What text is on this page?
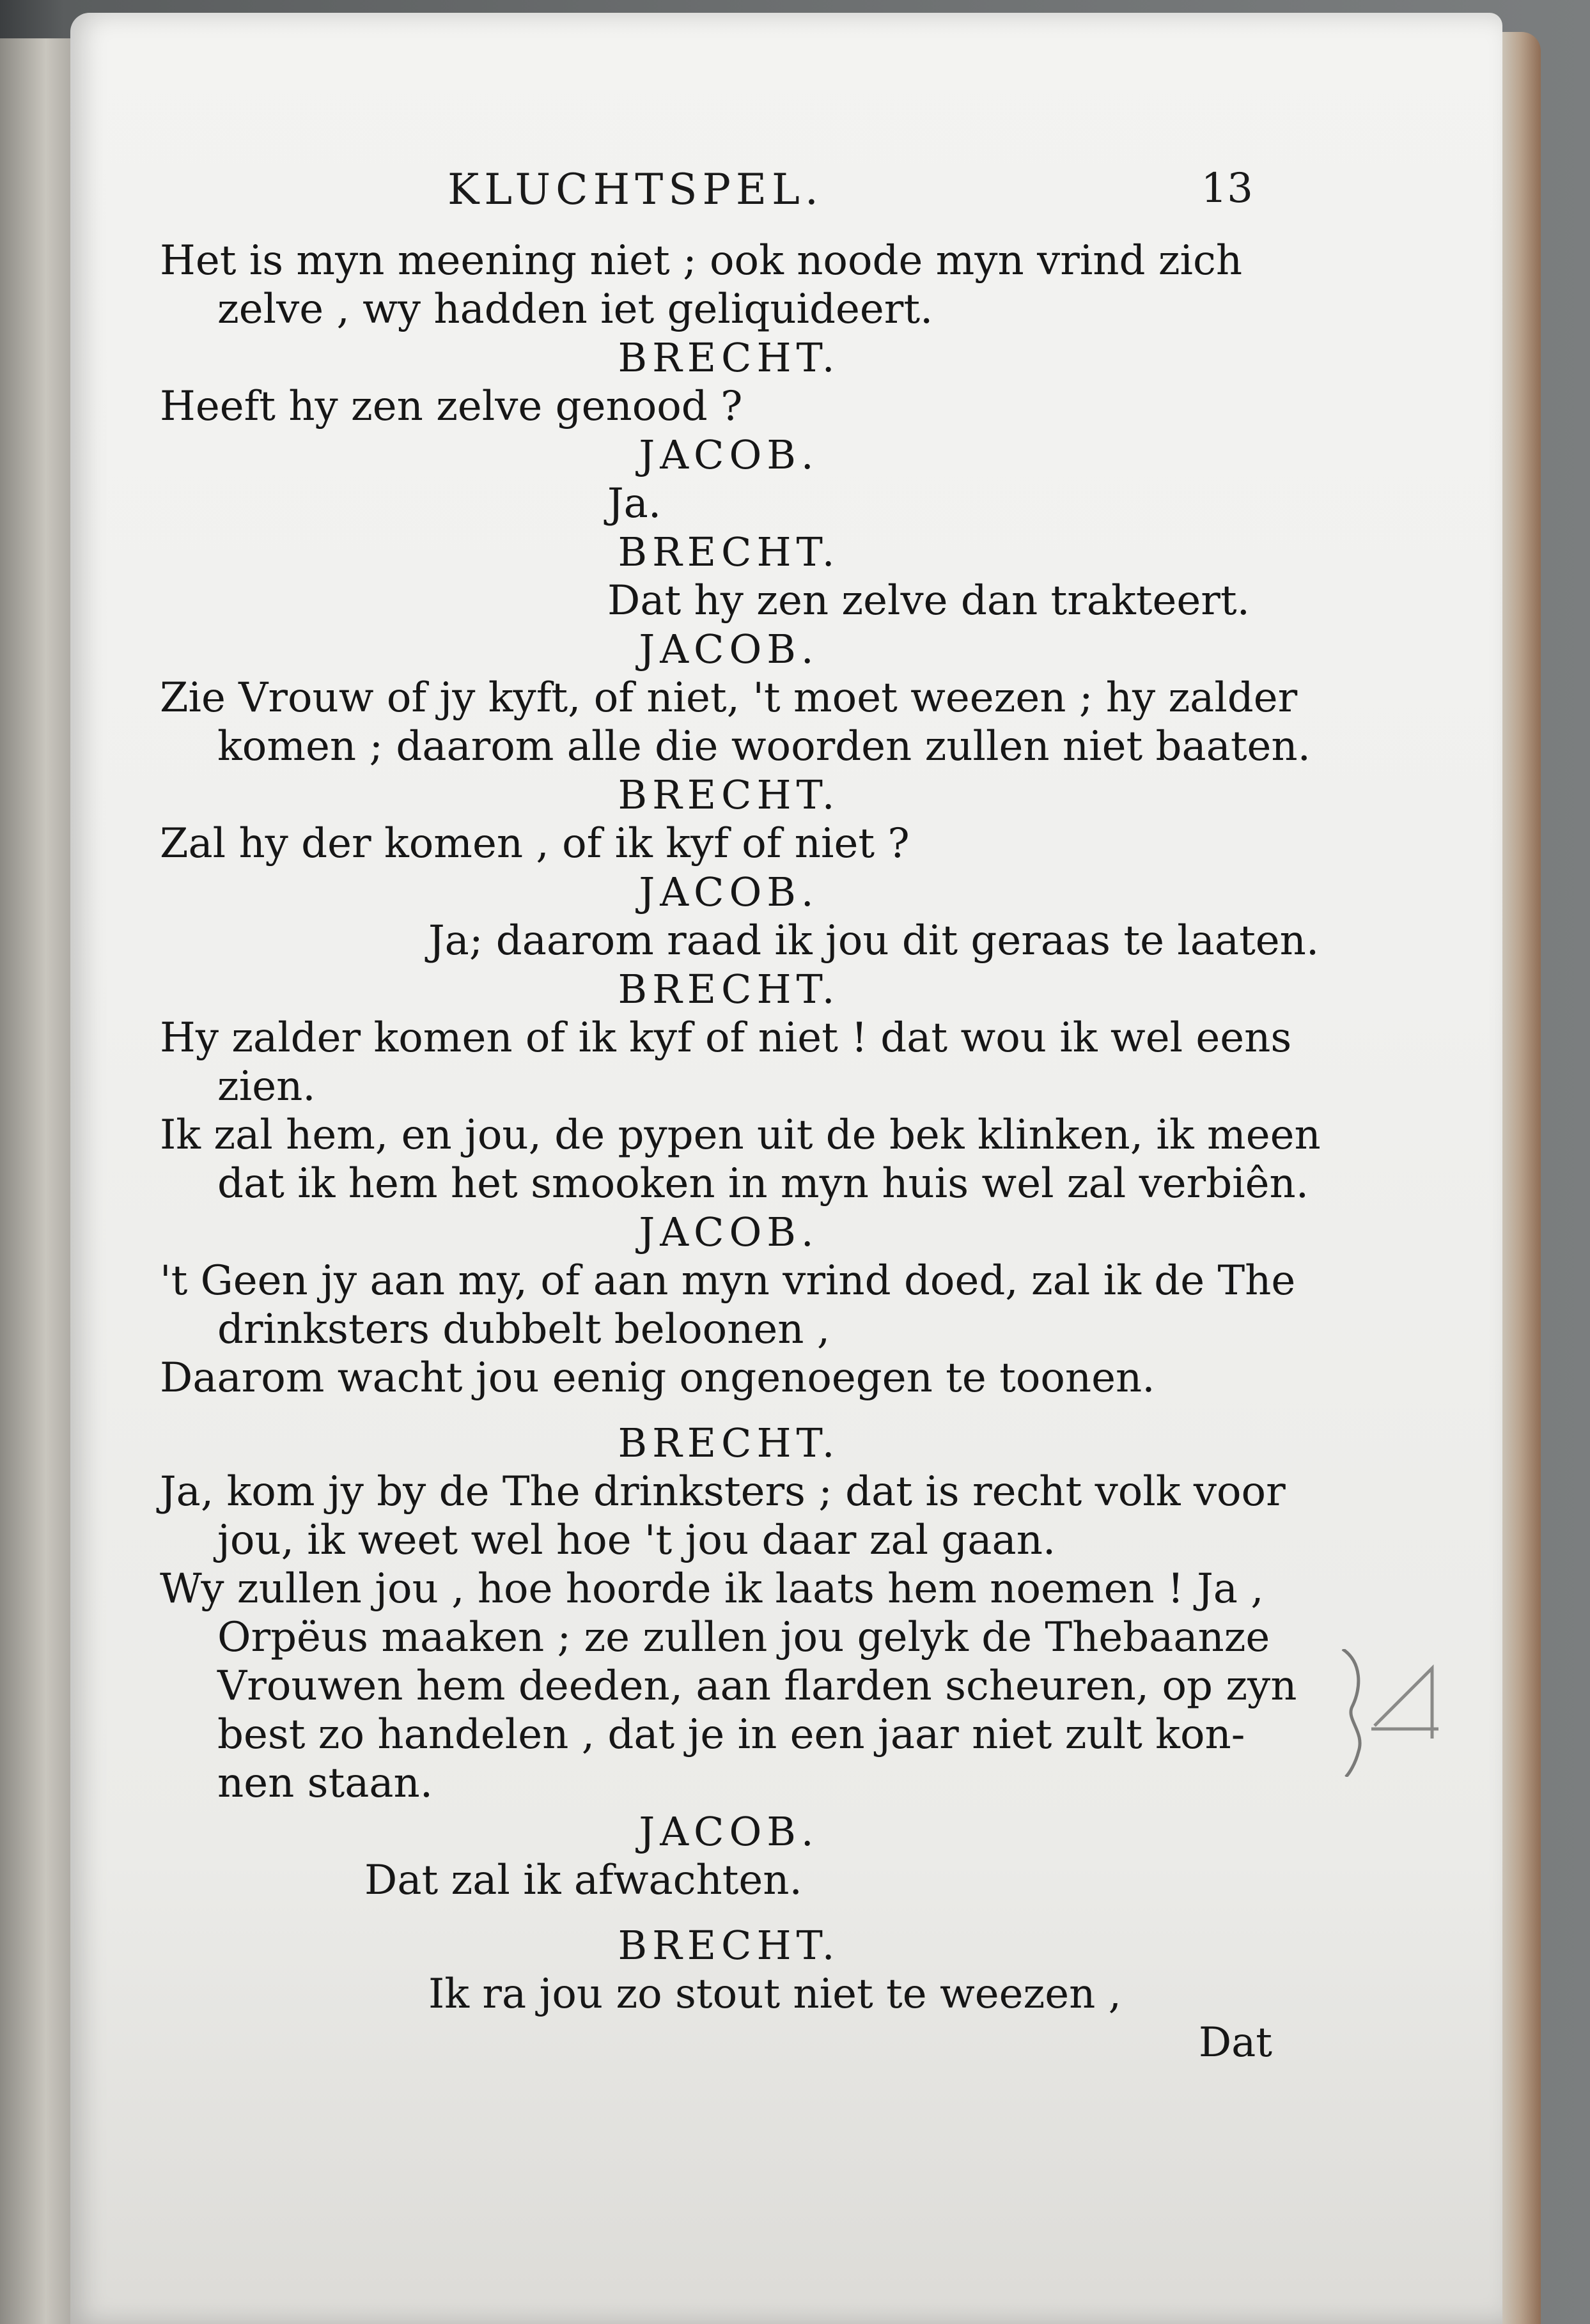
KLUCHTSPEL.	13
Het is myn meening niet ; ook noode myn vrind zich
zelve , wy hadden iet geliquideert.
BRECHT.
Heeft hy zen zelve genood ?
JACOB.
Ja.
BRECHT.
Dat hy zen zelve dan trakteert.
JACOB.
Zie Vrouw of jy kyft, of niet, 't moet weezen ; hy zalder
komen ; daarom alle die woorden zullen niet baaten.
BRECHT.
Zal hy der komen , of ik kyf of niet ?
JACOB.
Ja; daarom raad ik jou dit geraas te laaten.
BRECHT.
Hy zalder komen of ik kyf of niet ! dat wou ik wel eens
zien.
Ik zal hem, en jou, de pypen uit de bek klinken, ik meen
dat ik hem het smooken in myn huis wel zal verbiên.
JACOB.
't Geen jy aan my, of aan myn vrind doed, zal ik de The
drinksters dubbelt beloonen ,
Daarom wacht jou eenig ongenoegen te toonen.
BRECHT.
Ja, kom jy by de The drinksters ; dat is recht volk voor
jou, ik weet wel hoe 't jou daar zal gaan.
Wy zullen jou , hoe hoorde ik laats hem noemen ! Ja ,
Orpëus maaken ; ze zullen jou gelyk de Thebaanze
Vrouwen hem deeden, aan flarden scheuren, op zyn
best zo handelen , dat je in een jaar niet zult kon-
nen staan.
JACOB.
Dat zal ik afwachten.
BRECHT.
Ik ra jou zo stout niet te weezen ,
Dat
